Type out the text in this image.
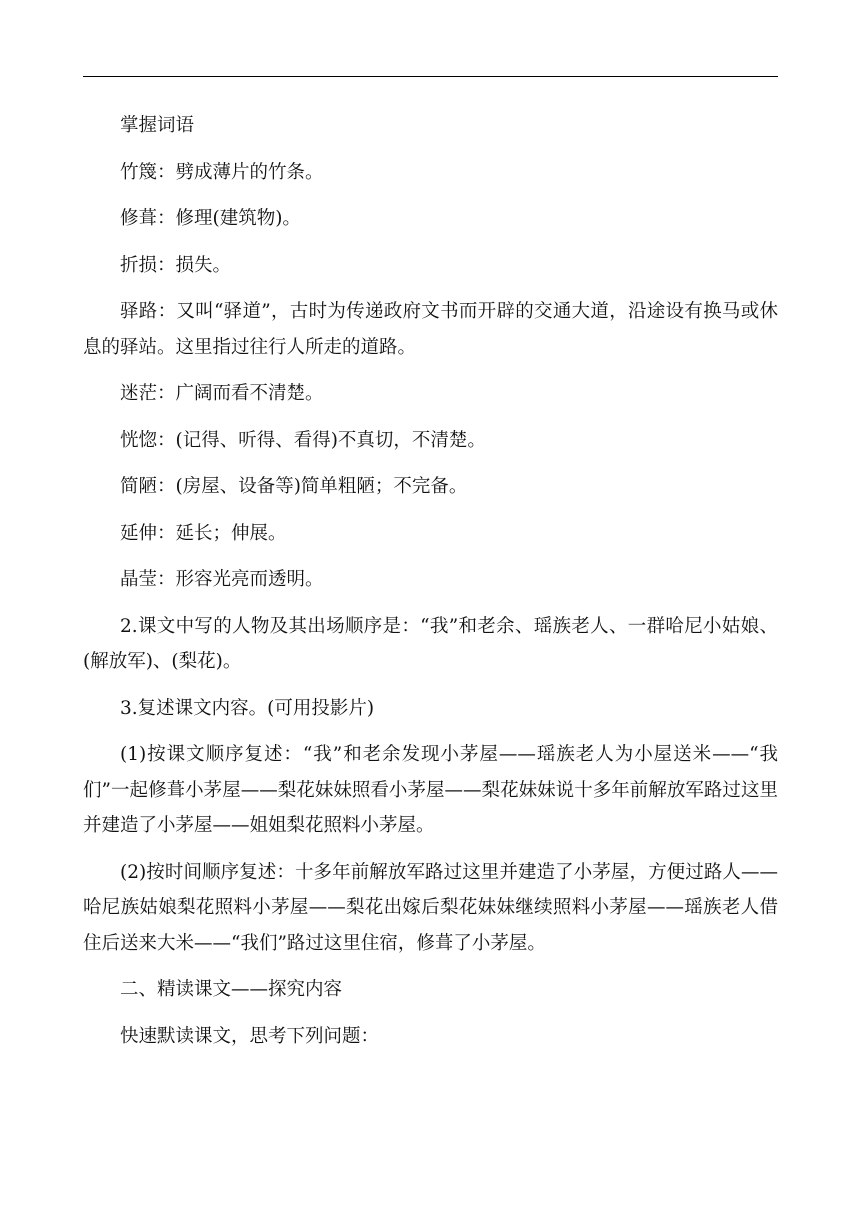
掌握词语

竹篾：劈成薄片的竹条。

修葺：修理(建筑物)。

折损：损失。

驿路：又叫“驿道”，古时为传递政府文书而开辟的交通大道，沿途设有换马或休息的驿站。这里指过往行人所走的道路。

迷茫：广阔而看不清楚。

恍惚：(记得、听得、看得)不真切，不清楚。

简陋：(房屋、设备等)简单粗陋；不完备。

延伸：延长；伸展。

晶莹：形容光亮而透明。

2.课文中写的人物及其出场顺序是：“我”和老余、瑶族老人、一群哈尼小姑娘、(解放军)、(梨花)。

3.复述课文内容。(可用投影片)

(1)按课文顺序复述：“我”和老余发现小茅屋——瑶族老人为小屋送米——“我们”一起修葺小茅屋——梨花妹妹照看小茅屋——梨花妹妹说十多年前解放军路过这里并建造了小茅屋——姐姐梨花照料小茅屋。

(2)按时间顺序复述：十多年前解放军路过这里并建造了小茅屋，方便过路人——哈尼族姑娘梨花照料小茅屋——梨花出嫁后梨花妹妹继续照料小茅屋——瑶族老人借住后送来大米——“我们”路过这里住宿，修葺了小茅屋。

二、精读课文——探究内容

快速默读课文，思考下列问题：
